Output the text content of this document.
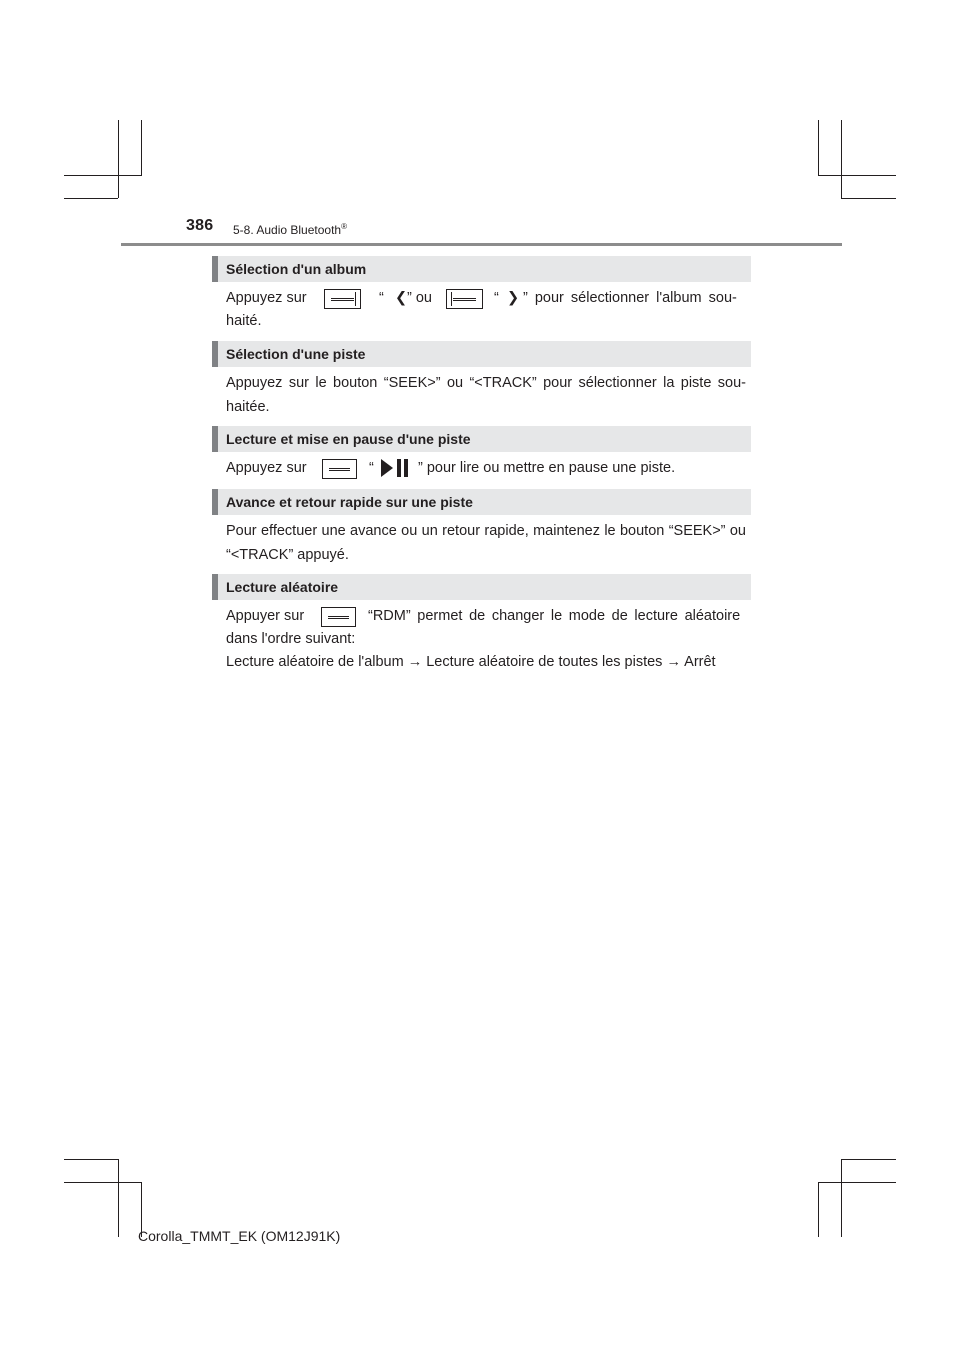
386 5-8. Audio Bluetooth®
Sélection d'un album
Appuyez sur	“ ❮ ” ou	“ ❯ ” pour sélectionner l'album sou-
haité.
Sélection d'une piste
Appuyez sur le bouton “SEEK>” ou “<TRACK” pour sélectionner la piste sou-haitée.
Lecture et mise en pause d'une piste
Appuyez sur	“	” pour lire ou mettre en pause une piste.
Avance et retour rapide sur une piste
Pour effectuer une avance ou un retour rapide, maintenez le bouton “SEEK>” ou “<TRACK” appuyé.
Lecture aléatoire
Appuyer sur	“RDM” permet de changer le mode de lecture aléatoire
dans l'ordre suivant:
Lecture aléatoire de l'album → Lecture aléatoire de toutes les pistes → Arrêt
Corolla_TMMT_EK (OM12J91K)
